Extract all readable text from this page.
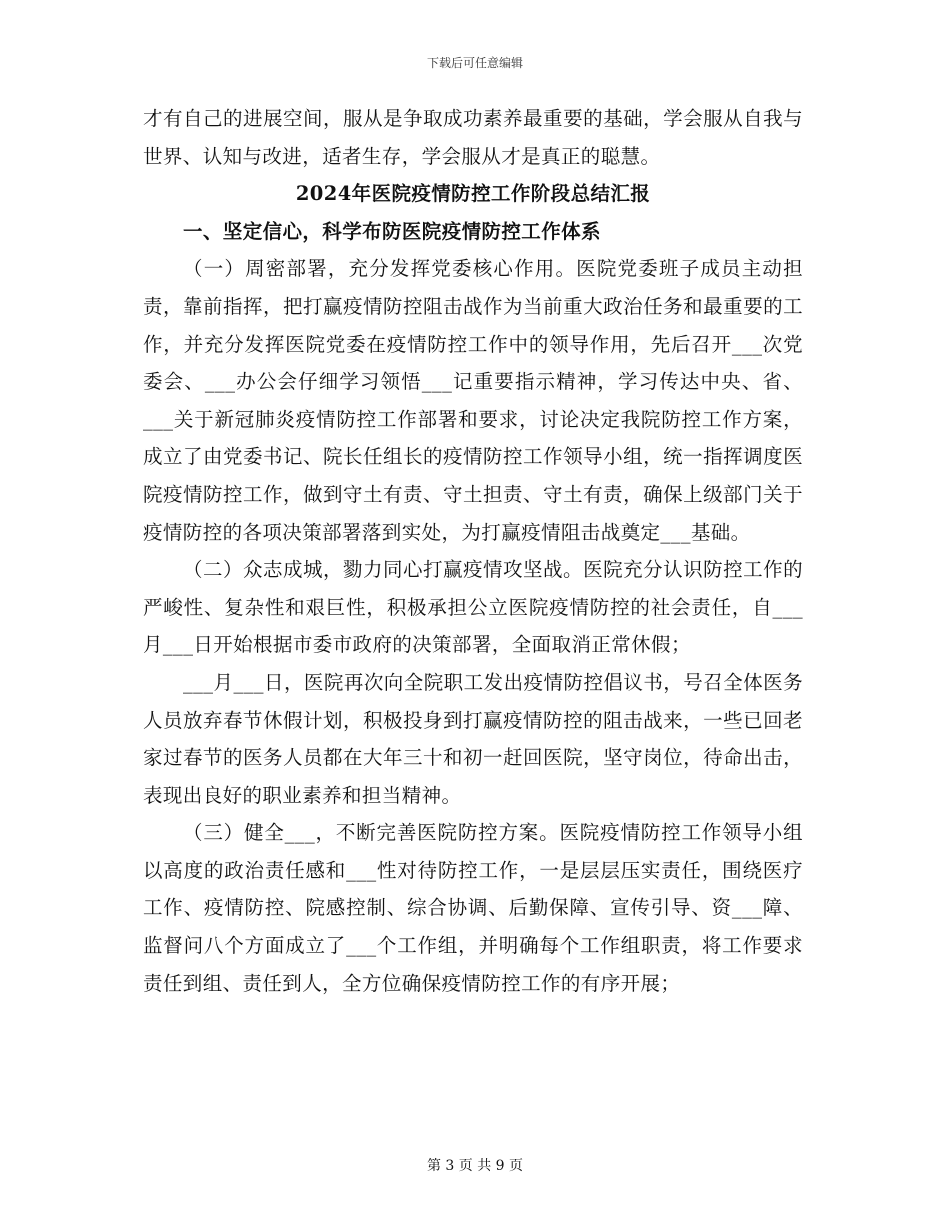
下载后可任意编辑

才有自己的进展空间，服从是争取成功素养最重要的基础，学会服从自我与世界、认知与改进，适者生存，学会服从才是真正的聪慧。

2024年医院疫情防控工作阶段总结汇报

一、坚定信心，科学布防医院疫情防控工作体系

（一）周密部署，充分发挥党委核心作用。医院党委班子成员主动担责，靠前指挥，把打赢疫情防控阻击战作为当前重大政治任务和最重要的工作，并充分发挥医院党委在疫情防控工作中的领导作用，先后召开___次党委会、___办公会仔细学习领悟___记重要指示精神，学习传达中央、省、___关于新冠肺炎疫情防控工作部署和要求，讨论决定我院防控工作方案，成立了由党委书记、院长任组长的疫情防控工作领导小组，统一指挥调度医院疫情防控工作，做到守土有责、守土担责、守土有责，确保上级部门关于疫情防控的各项决策部署落到实处，为打赢疫情阻击战奠定___基础。

（二）众志成城，勠力同心打赢疫情攻坚战。医院充分认识防控工作的严峻性、复杂性和艰巨性，积极承担公立医院疫情防控的社会责任，自___月___日开始根据市委市政府的决策部署，全面取消正常休假；

___月___日，医院再次向全院职工发出疫情防控倡议书，号召全体医务人员放弃春节休假计划，积极投身到打赢疫情防控的阻击战来，一些已回老家过春节的医务人员都在大年三十和初一赶回医院，坚守岗位，待命出击，表现出良好的职业素养和担当精神。

（三）健全___，不断完善医院防控方案。医院疫情防控工作领导小组以高度的政治责任感和___性对待防控工作，一是层层压实责任，围绕医疗工作、疫情防控、院感控制、综合协调、后勤保障、宣传引导、资___障、监督问八个方面成立了___个工作组，并明确每个工作组职责，将工作要求责任到组、责任到人，全方位确保疫情防控工作的有序开展；

第 3 页 共 9 页
